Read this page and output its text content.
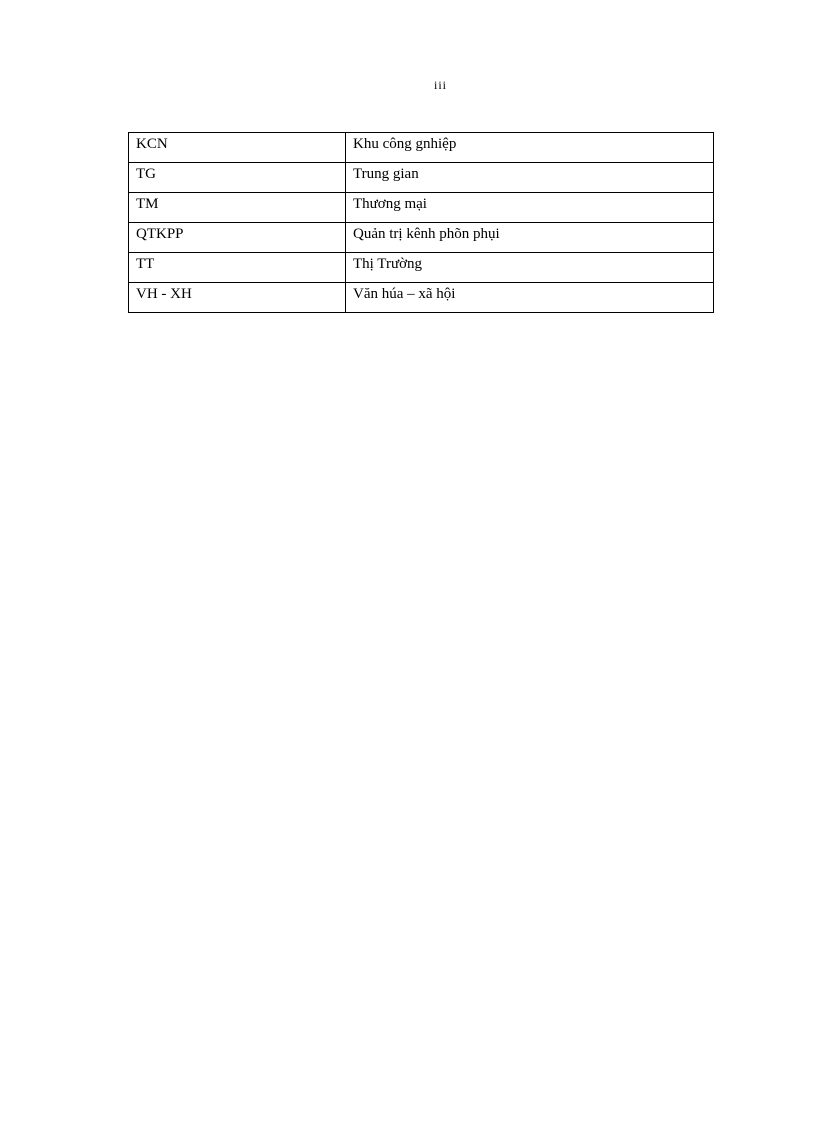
iii
KCN	Khu công gnhiệp
TG	Trung gian
TM	Thương mại
QTKPP	Quản trị kênh phõn phụi
TT	Thị Trường
VH - XH	Văn húa – xã hội
